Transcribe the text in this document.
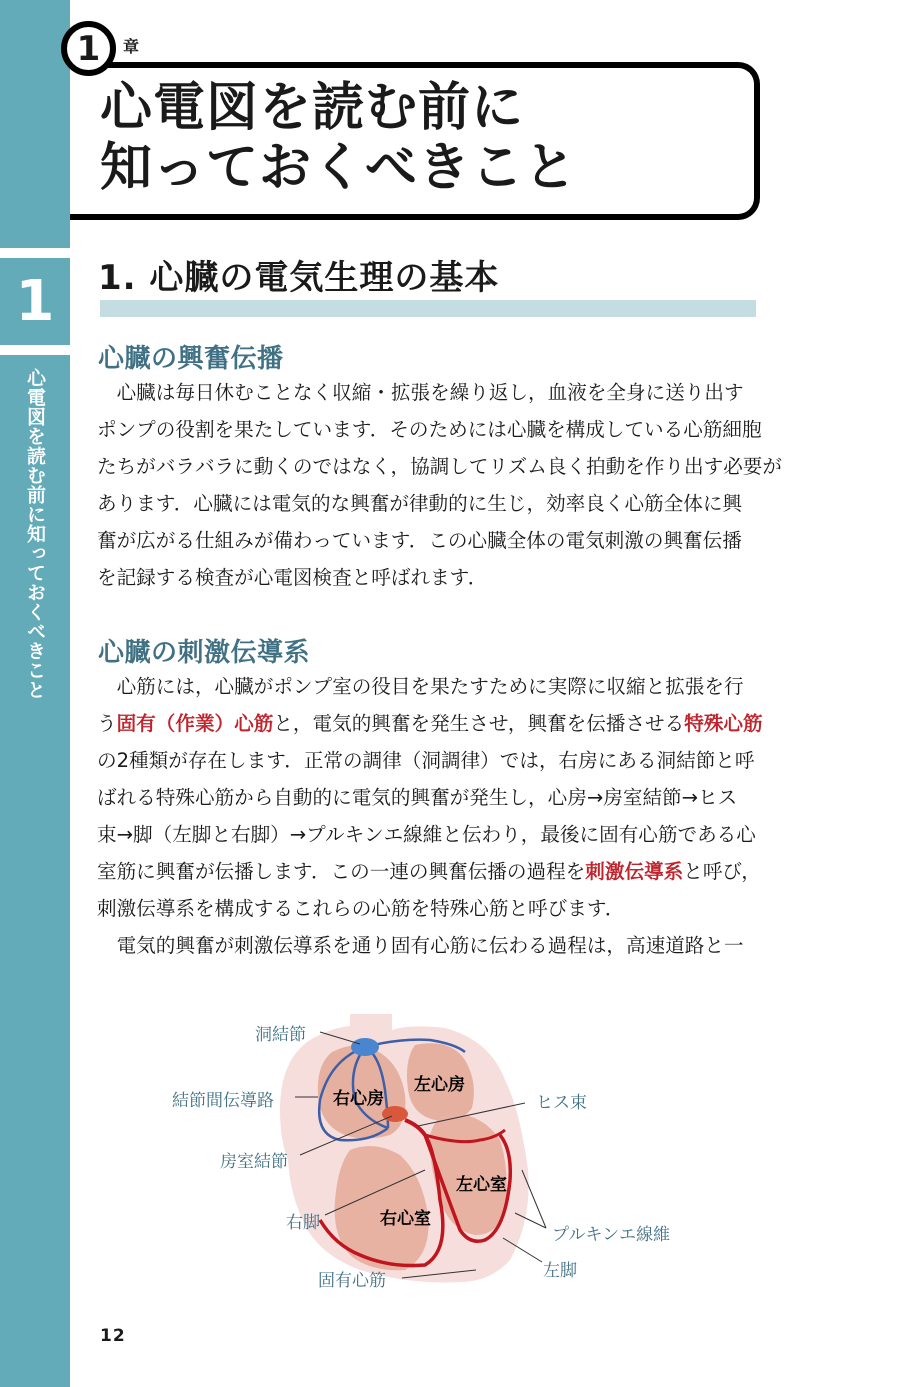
1
心電図を読む前に知っておくべきこと
1 章
心電図を読む前に
知っておくべきこと
1. 心臓の電気生理の基本
心臓の興奮伝播
　心臓は毎日休むことなく収縮・拡張を繰り返し，血液を全身に送り出す
ポンプの役割を果たしています．そのためには心臓を構成している心筋細胞
たちがバラバラに動くのではなく，協調してリズム良く拍動を作り出す必要が
あります．心臓には電気的な興奮が律動的に生じ，効率良く心筋全体に興
奮が広がる仕組みが備わっています．この心臓全体の電気刺激の興奮伝播
を記録する検査が心電図検査と呼ばれます．
心臓の刺激伝導系
　心筋には，心臓がポンプ室の役目を果たすために実際に収縮と拡張を行
う固有（作業）心筋と，電気的興奮を発生させ，興奮を伝播させる特殊心筋
の2種類が存在します．正常の調律（洞調律）では，右房にある洞結節と呼
ばれる特殊心筋から自動的に電気的興奮が発生し，心房→房室結節→ヒス
束→脚（左脚と右脚）→プルキンエ線維と伝わり，最後に固有心筋である心
室筋に興奮が伝播します．この一連の興奮伝播の過程を刺激伝導系と呼び，
刺激伝導系を構成するこれらの心筋を特殊心筋と呼びます．
　電気的興奮が刺激伝導系を通り固有心筋に伝わる過程は，高速道路と一
洞結節
結節間伝導路
房室結節
右脚
固有心筋
ヒス束
プルキンエ線維
左脚
右心房
左心房
左心室
右心室
12
